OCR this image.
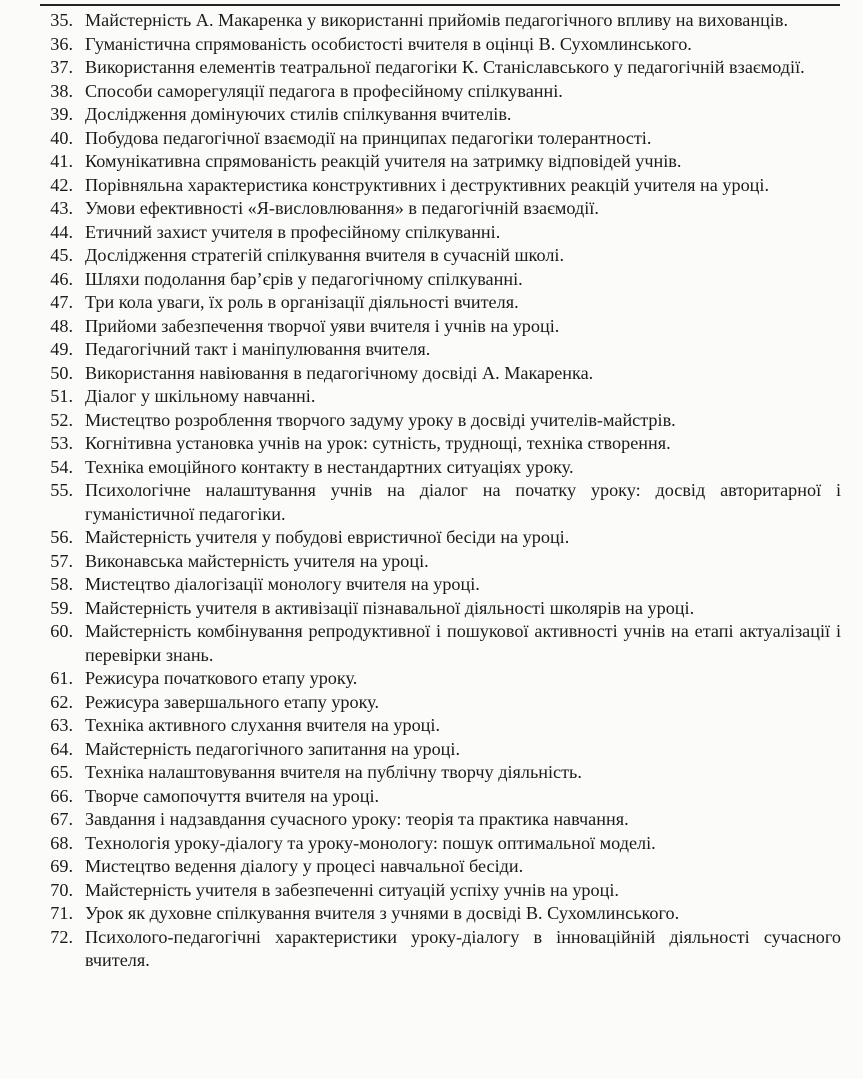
35. Майстерність А. Макаренка у використанні прийомів педагогічного впливу на вихованців.
36. Гуманістична спрямованість особистості вчителя в оцінці В. Сухомлинського.
37. Використання елементів театральної педагогіки К. Станіславського у педагогічній взаємодії.
38. Способи саморегуляції педагога в професійному спілкуванні.
39. Дослідження домінуючих стилів спілкування вчителів.
40. Побудова педагогічної взаємодії на принципах педагогіки толерантності.
41. Комунікативна спрямованість реакцій учителя на затримку відповідей учнів.
42. Порівняльна характеристика конструктивних і деструктивних реакцій учителя на уроці.
43. Умови ефективності «Я-висловлювання» в педагогічній взаємодії.
44. Етичний захист учителя в професійному спілкуванні.
45. Дослідження стратегій спілкування вчителя в сучасній школі.
46. Шляхи подолання бар’єрів у педагогічному спілкуванні.
47. Три кола уваги, їх роль в організації діяльності вчителя.
48. Прийоми забезпечення творчої уяви вчителя і учнів на уроці.
49. Педагогічний такт і маніпулювання вчителя.
50. Використання навіювання в педагогічному досвіді А. Макаренка.
51. Діалог у шкільному навчанні.
52. Мистецтво розроблення творчого задуму уроку в досвіді учителів-майстрів.
53. Когнітивна установка учнів на урок: сутність, труднощі, техніка створення.
54. Техніка емоційного контакту в нестандартних ситуаціях уроку.
55. Психологічне налаштування учнів на діалог на початку уроку: досвід авторитарної і гуманістичної педагогіки.
56. Майстерність учителя у побудові евристичної бесіди на уроці.
57. Виконавська майстерність учителя на уроці.
58. Мистецтво діалогізації монологу вчителя на уроці.
59. Майстерність учителя в активізації пізнавальної діяльності школярів на уроці.
60. Майстерність комбінування репродуктивної і пошукової активності учнів на етапі актуалізації і перевірки знань.
61. Режисура початкового етапу уроку.
62. Режисура завершального етапу уроку.
63. Техніка активного слухання вчителя на уроці.
64. Майстерність педагогічного запитання на уроці.
65. Техніка налаштовування вчителя на публічну творчу діяльність.
66. Творче самопочуття вчителя на уроці.
67. Завдання і надзавдання сучасного уроку: теорія та практика навчання.
68. Технологія уроку-діалогу та уроку-монологу: пошук оптимальної моделі.
69. Мистецтво ведення діалогу у процесі навчальної бесіди.
70. Майстерність учителя в забезпеченні ситуацій успіху учнів на уроці.
71. Урок як духовне спілкування вчителя з учнями в досвіді В. Сухомлинського.
72. Психолого-педагогічні характеристики уроку-діалогу в інноваційній діяльності сучасного вчителя.
